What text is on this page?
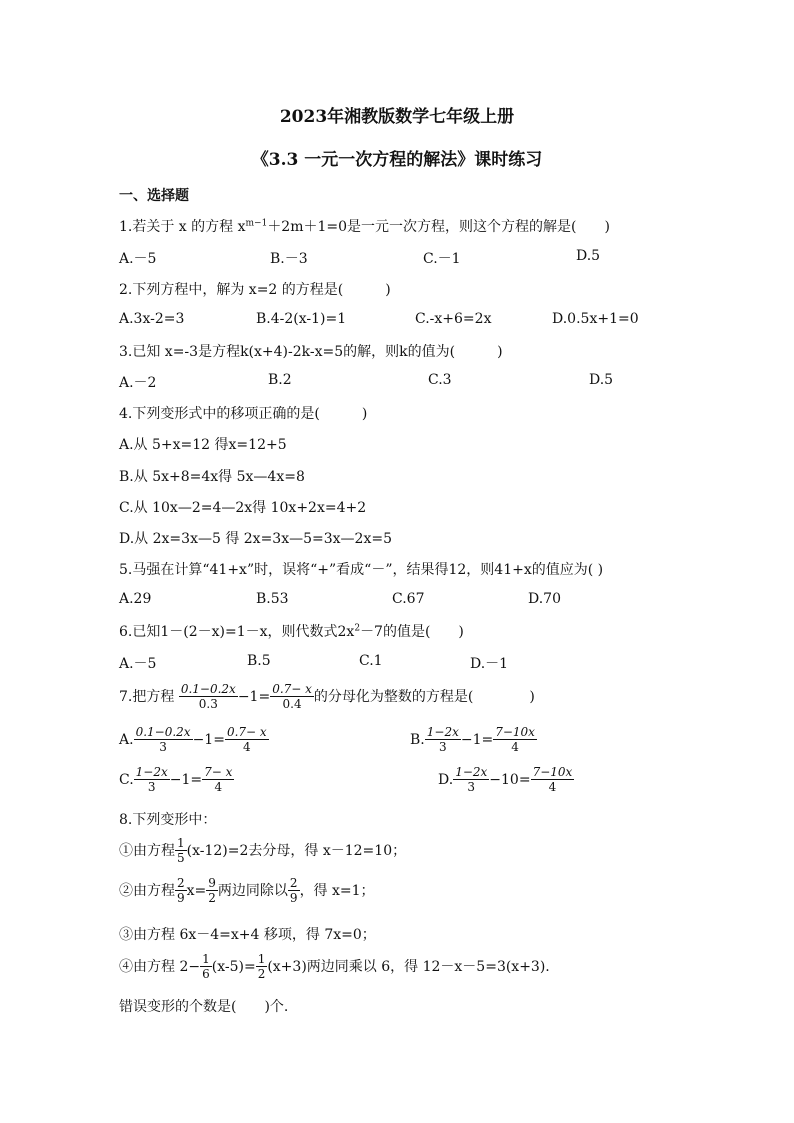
2023年湘教版数学七年级上册
《3.3 一元一次方程的解法》课时练习
一、选择题
1.若关于 x 的方程 $x^{m-1}+2m+1=0$是一元一次方程，则这个方程的解是(　　)
A.－5	B.－3	C.－1	D.5
2.下列方程中，解为 x=2 的方程是(　　　)
A.3x-2=3	B.4-2(x-1)=1	C.-x+6=2x	D.0.5x+1=0
3.已知 x=-3是方程k(x+4)-2k-x=5的解，则k的值为(　　　)
A.－2	B.2	C.3	D.5
4.下列变形式中的移项正确的是(　　　)
A.从 5+x=12 得x=12+5
B.从 5x+8=4x得 5x—4x=8
C.从 10x—2=4—2x得 10x+2x=4+2
D.从 2x=3x—5 得 2x=3x—5=3x—2x=5
5.马强在计算“41+x”时，误将“+”看成“－”，结果得12，则41+x的值应为( )
A.29	B.53	C.67	D.70
6.已知1－(2－x)=1－x，则代数式$2x^2-7$的值是(　　)
A.－5	B.5	C.1	D.－1
7.把方程 $\frac{0.1-0.2x}{0.3} -1= \frac{0.7- x}{0.4}$ 的分母化为整数的方程是(　　　　)
A. $\frac{0.1-0.2x}{3} -1= \frac{0.7- x}{4}$	B. $\frac{1-2x}{3} -1= \frac{7-10x}{4}$
C. $\frac{1-2x}{3} -1= \frac{7- x}{4}$	D. $\frac{1-2x}{3} -10= \frac{7-10x}{4}$
8.下列变形中：
①由方程 $\frac{1}{5} (x-12)=2$去分母，得 x－12=10；
②由方程 $\frac{2}{9} x= \frac{9}{2}$ 两边同除以 $\frac{2}{9}$ ，得 x=1；
③由方程 6x－4=x+4 移项，得 7x=0；
④由方程 $2- \frac{1}{6} (x-5)= \frac{1}{2} (x+3)$两边同乘以 6，得 12－x－5=3(x+3).
错误变形的个数是(　　)个.
